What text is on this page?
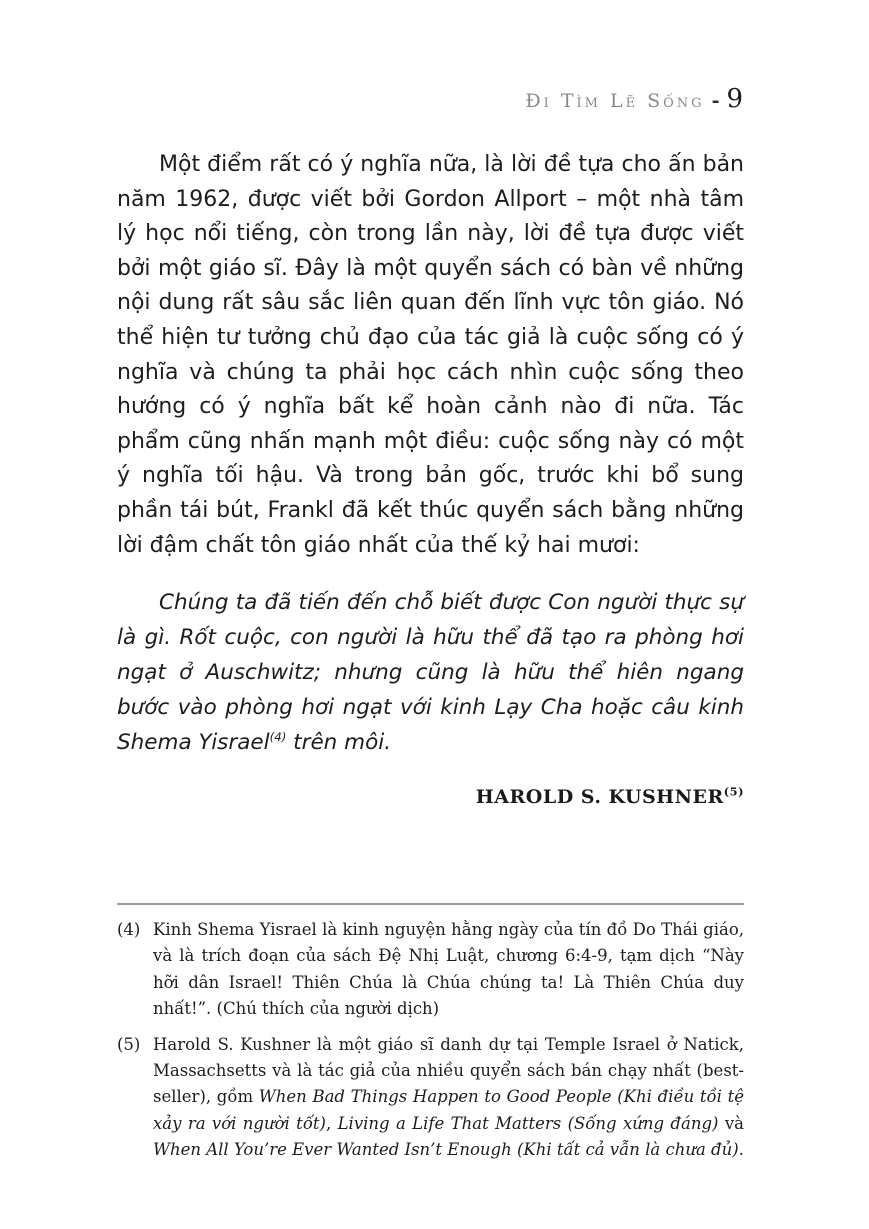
Đi Tìm Lẽ Sống - 9

Một điểm rất có ý nghĩa nữa, là lời đề tựa cho ấn bản năm 1962, được viết bởi Gordon Allport – một nhà tâm lý học nổi tiếng, còn trong lần này, lời đề tựa được viết bởi một giáo sĩ. Đây là một quyển sách có bàn về những nội dung rất sâu sắc liên quan đến lĩnh vực tôn giáo. Nó thể hiện tư tưởng chủ đạo của tác giả là cuộc sống có ý nghĩa và chúng ta phải học cách nhìn cuộc sống theo hướng có ý nghĩa bất kể hoàn cảnh nào đi nữa. Tác phẩm cũng nhấn mạnh một điều: cuộc sống này có một ý nghĩa tối hậu. Và trong bản gốc, trước khi bổ sung phần tái bút, Frankl đã kết thúc quyển sách bằng những lời đậm chất tôn giáo nhất của thế kỷ hai mươi:

Chúng ta đã tiến đến chỗ biết được Con người thực sự là gì. Rốt cuộc, con người là hữu thể đã tạo ra phòng hơi ngạt ở Auschwitz; nhưng cũng là hữu thể hiên ngang bước vào phòng hơi ngạt với kinh Lạy Cha hoặc câu kinh Shema Yisrael$^{(4)}$ trên môi.

HAROLD S. KUSHNER$^{(5)}$
(4) Kinh Shema Yisrael là kinh nguyện hằng ngày của tín đồ Do Thái giáo, và là trích đoạn của sách Đệ Nhị Luật, chương 6:4-9, tạm dịch “Này hỡi dân Israel! Thiên Chúa là Chúa chúng ta! Là Thiên Chúa duy nhất!”. (Chú thích của người dịch)
(5) Harold S. Kushner là một giáo sĩ danh dự tại Temple Israel ở Natick, Massachsetts và là tác giả của nhiều quyển sách bán chạy nhất (best-seller), gồm When Bad Things Happen to Good People (Khi điều tồi tệ xảy ra với người tốt), Living a Life That Matters (Sống xứng đáng) và When All You’re Ever Wanted Isn’t Enough (Khi tất cả vẫn là chưa đủ).
